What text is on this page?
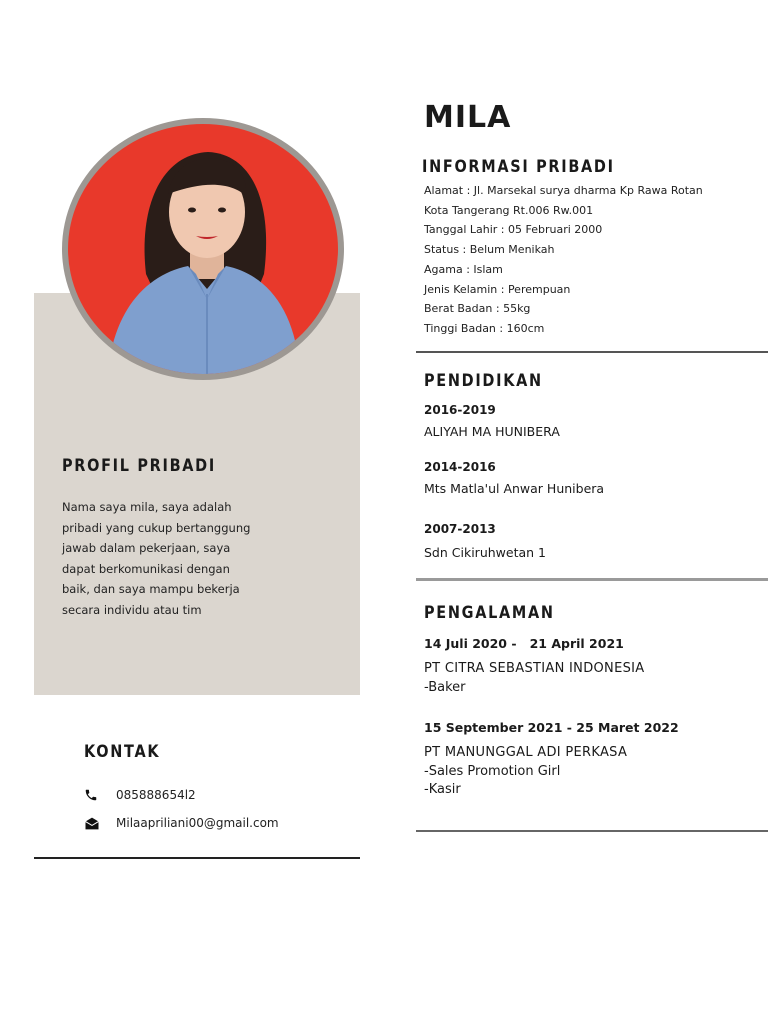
PROFIL PRIBADI
Nama saya mila, saya adalah
pribadi yang cukup bertanggung
jawab dalam pekerjaan, saya
dapat berkomunikasi dengan
baik, dan saya mampu bekerja
secara individu atau tim
KONTAK
085888654l2
Milaapriliani00@gmail.com
MILA
INFORMASI PRIBADI
Alamat : Jl. Marsekal surya dharma Kp Rawa Rotan
Kota Tangerang Rt.006 Rw.001
Tanggal Lahir : 05 Februari 2000
Status : Belum Menikah
Agama : Islam
Jenis Kelamin : Perempuan
Berat Badan : 55kg
Tinggi Badan : 160cm
PENDIDIKAN
2016-2019
ALIYAH MA HUNIBERA
2014-2016
Mts Matla'ul Anwar Hunibera
2007-2013
Sdn Cikiruhwetan 1
PENGALAMAN
14 Juli 2020 -   21 April 2021
PT CITRA SEBASTIAN INDONESIA
-Baker
15 September 2021 - 25 Maret 2022
PT MANUNGGAL ADI PERKASA
-Sales Promotion Girl
-Kasir
